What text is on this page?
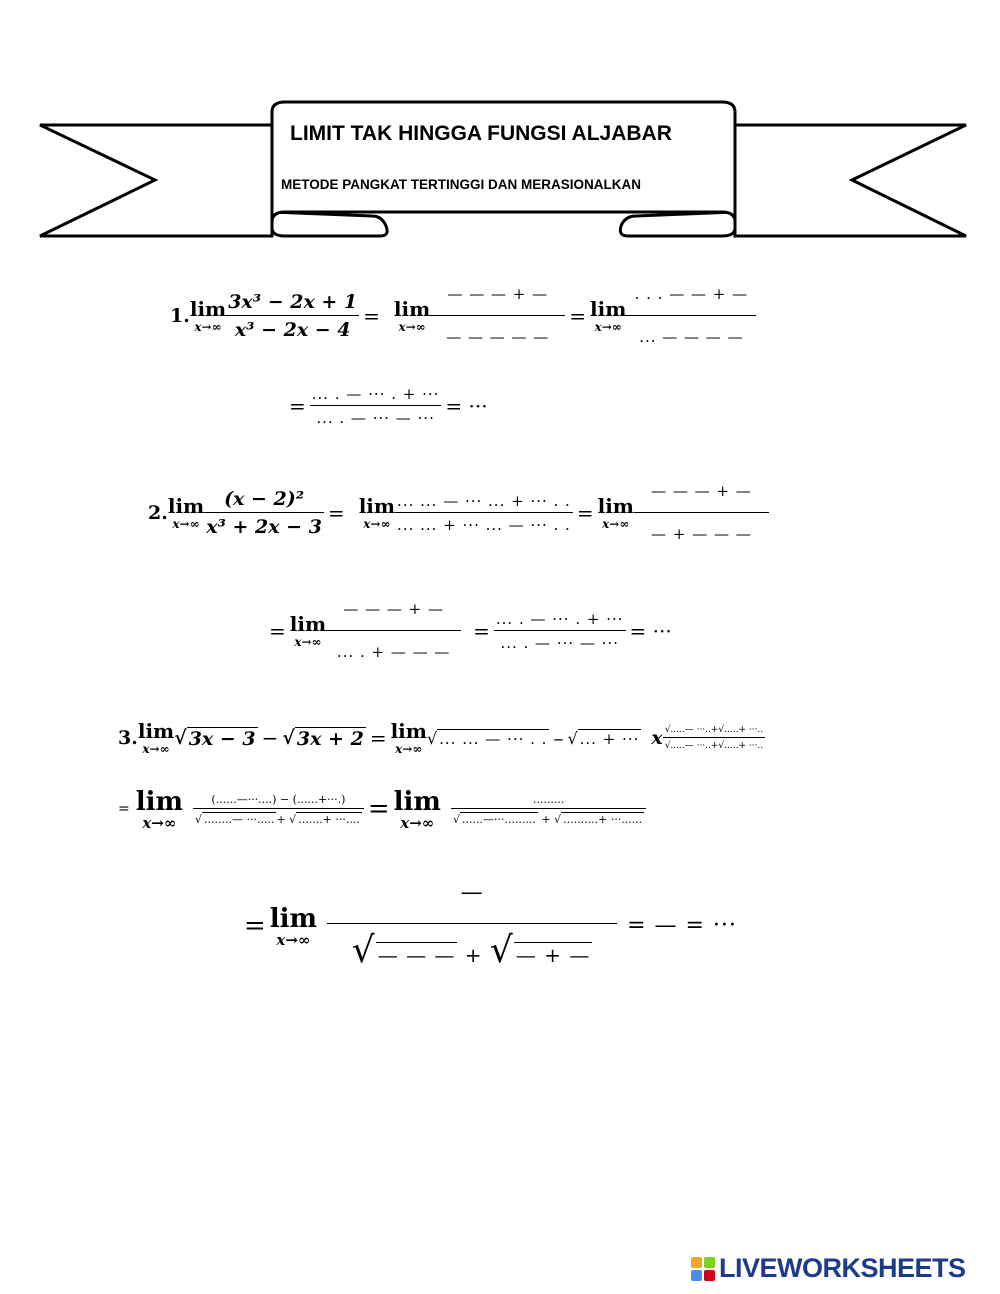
LIMIT TAK HINGGA FUNGSI ALJABAR
METODE PANGKAT TERTINGGI DAN MERASIONALKAN
1. lim
$x\to\infty \frac{\text{3x³ − 2x + 1}}{\text{x³ − 2x − 4}} = \lim$
$x\to\infty \frac{— — — + —}{— — — — —} = \lim$
$x\to\infty \frac{. . . — — + —}{... — — — —}$
= $\frac{... . — \cdot\cdot\cdot . + \cdot\cdot\cdot}{... . — \cdot\cdot\cdot — \cdot\cdot\cdot}$ = ···
2. lim
$x\to\infty \frac{\text{(x − 2)²}}{\text{x³ + 2x − 3}} = \lim$
$x\to\infty \frac{... ... — \cdot\cdot\cdot ... + \cdot\cdot\cdot . .}{... ... + \cdot\cdot\cdot ... — \cdot\cdot\cdot . .} = \lim$
$x\to\infty \frac{— — — + —}{— + — — —}$
= lim
$x\to\infty \frac{— — — + —}{... . + — — —} = \frac{... . — \cdot\cdot\cdot . + \cdot\cdot\cdot}{... . — \cdot\cdot\cdot — \cdot\cdot\cdot}$ = ···
3. lim
x→∞ √ 3x − 3 − √ 3x + 2 = lim
x→∞
√ ... ... — ··· . . – √ ... + ··· x $\frac{√.....— \cdot\cdot\cdot..+√.....+ \cdot\cdot\cdot..}{√.....— \cdot\cdot\cdot..+√.....+ \cdot\cdot\cdot..}$
= lim
x→∞	$\frac{(......—\cdot\cdot\cdot....) - (......+\cdot\cdot\cdot.)}{√ ........— \cdot\cdot\cdot..... + √ .......+ \cdot\cdot\cdot....} = \lim$
x→∞	$\frac{.........}{√ ......—\cdot\cdot\cdot......... + √ ..........+ \cdot\cdot\cdot......}$
= lim
$x\to\infty \frac{—}{√ — — — + √ — + —}$ = — = ···
LIVEWORKSHEETS
